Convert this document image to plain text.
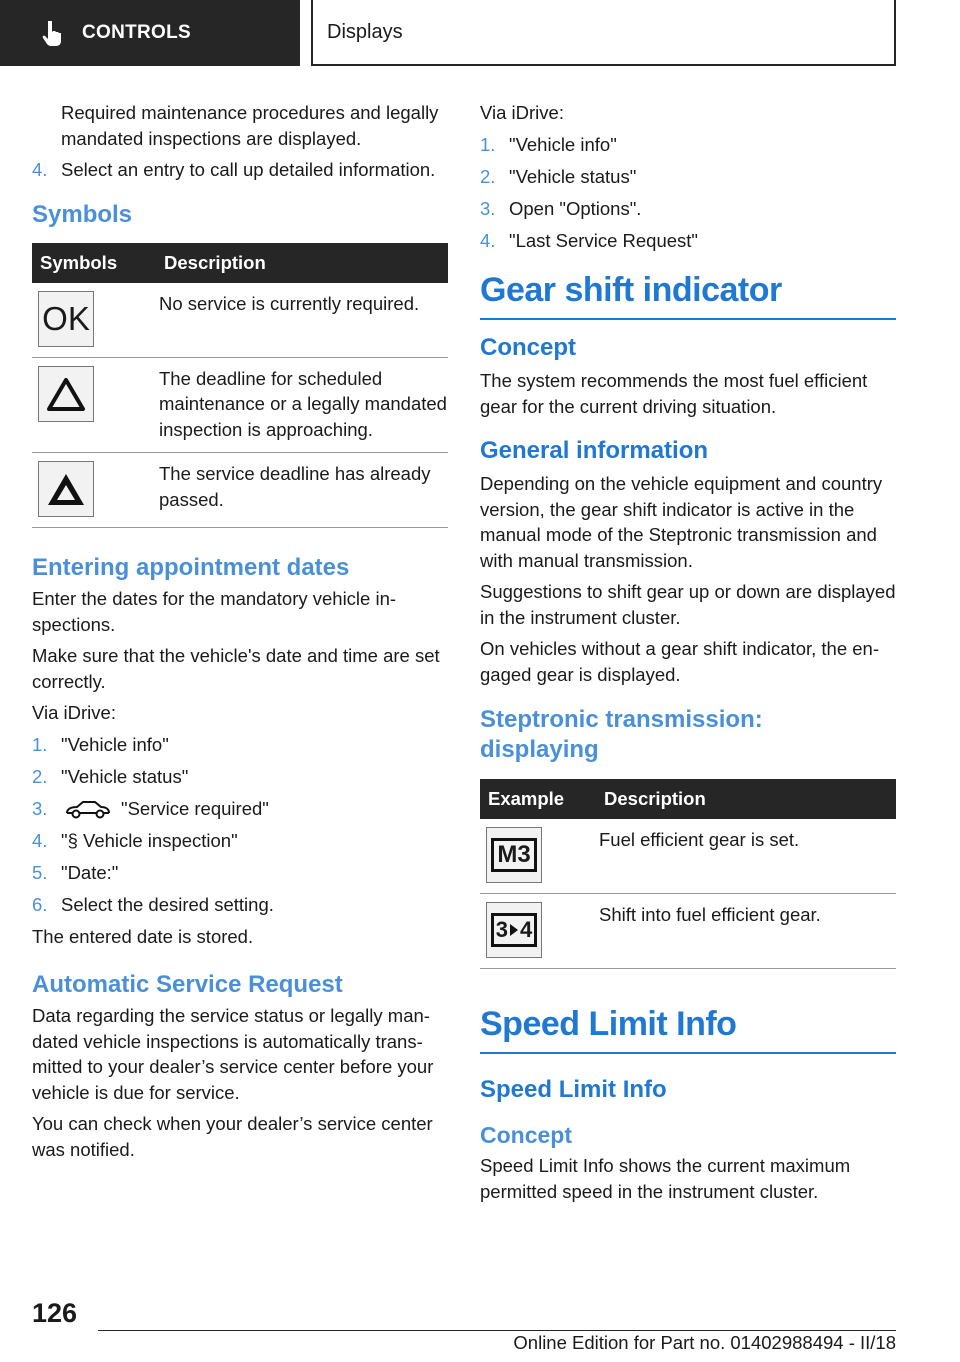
CONTROLS	Displays

Required maintenance procedures and legally mandated inspections are displayed.

4. Select an entry to call up detailed information.
Symbols
Symbols	Description

OK	No service is currently required.

	The deadline for scheduled maintenance or a legally mandated inspection is approaching.

	The service deadline has already passed.
Entering appointment dates

Enter the dates for the mandatory vehicle inspections.

Make sure that the vehicle's date and time are set correctly.

Via iDrive:

1. "Vehicle info"
2. "Vehicle status"
3.	"Service required"
4. "§ Vehicle inspection"
5. "Date:"
6. Select the desired setting.

The entered date is stored.

Automatic Service Request

Data regarding the service status or legally mandated vehicle inspections is automatically transmitted to your dealer’s service center before your vehicle is due for service.

You can check when your dealer’s service center was notified.

Via iDrive:

1. "Vehicle info"
2. "Vehicle status"
3. Open "Options".
4. "Last Service Request"
Gear shift indicator
Concept

The system recommends the most fuel efficient gear for the current driving situation.

General information

Depending on the vehicle equipment and country version, the gear shift indicator is active in the manual mode of the Steptronic transmission and with manual transmission.

Suggestions to shift gear up or down are displayed in the instrument cluster.

On vehicles without a gear shift indicator, the engaged gear is displayed.

Steptronic transmission: displaying
Example	Description

M3	Fuel efficient gear is set.

3 4	Shift into fuel efficient gear.
Speed Limit Info
Speed Limit Info
Concept

Speed Limit Info shows the current maximum permitted speed in the instrument cluster.

126
Online Edition for Part no. 01402988494 - II/18
